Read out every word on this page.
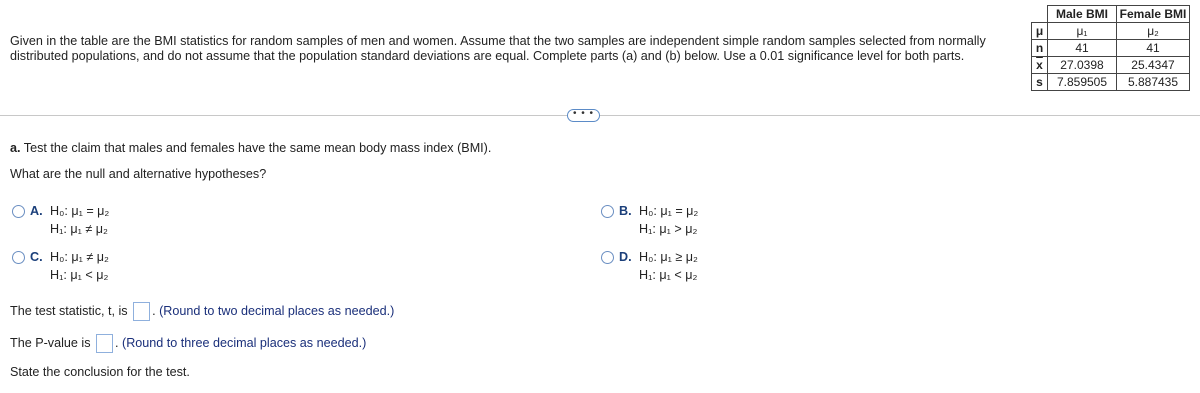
Given in the table are the BMI statistics for random samples of men and women. Assume that the two samples are independent simple random samples selected from normally distributed populations, and do not assume that the population standard deviations are equal. Complete parts (a) and (b) below. Use a 0.01 significance level for both parts.
	Male BMI	Female BMI
μ	μ₁	μ₂
n	41	41
$\overline{x}$	27.0398	25.4347
s	7.859505	5.887435
• • •
a. Test the claim that males and females have the same mean body mass index (BMI).
What are the null and alternative hypotheses?
A. H₀: μ₁ = μ₂
H₁: μ₁ ≠ μ₂
B. H₀: μ₁ = μ₂
H₁: μ₁ > μ₂
C. H₀: μ₁ ≠ μ₂
H₁: μ₁ < μ₂
D. H₀: μ₁ ≥ μ₂
H₁: μ₁ < μ₂
The test statistic, t, is . (Round to two decimal places as needed.)
The P-value is . (Round to three decimal places as needed.)
State the conclusion for the test.
